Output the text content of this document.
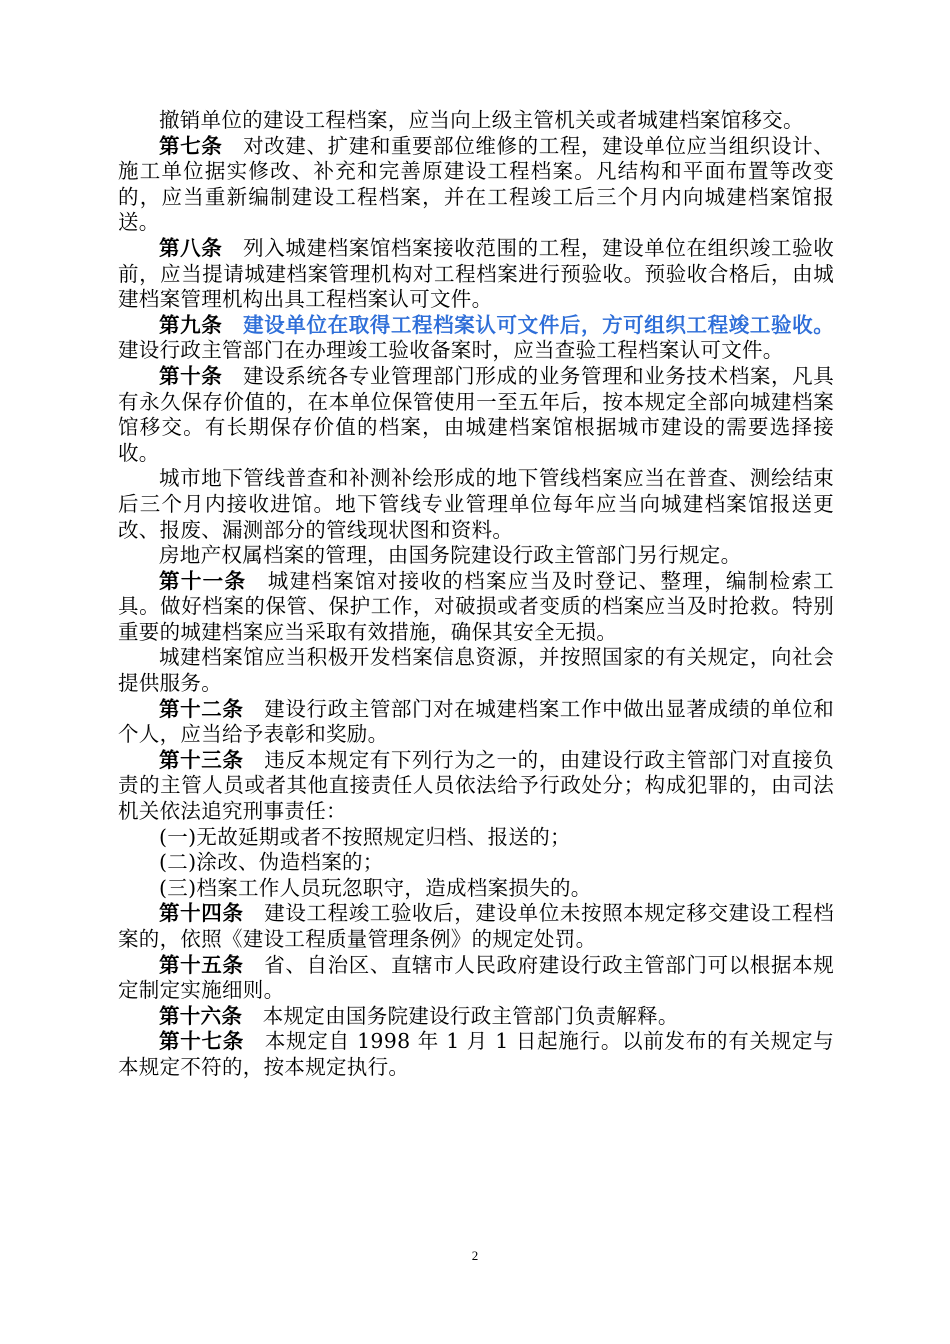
撤销单位的建设工程档案，应当向上级主管机关或者城建档案馆移交。

第七条 对改建、扩建和重要部位维修的工程，建设单位应当组织设计、施工单位据实修改、补充和完善原建设工程档案。凡结构和平面布置等改变的，应当重新编制建设工程档案，并在工程竣工后三个月内向城建档案馆报送。

第八条 列入城建档案馆档案接收范围的工程，建设单位在组织竣工验收前，应当提请城建档案管理机构对工程档案进行预验收。预验收合格后，由城建档案管理机构出具工程档案认可文件。

第九条 建设单位在取得工程档案认可文件后，方可组织工程竣工验收。建设行政主管部门在办理竣工验收备案时，应当查验工程档案认可文件。

第十条 建设系统各专业管理部门形成的业务管理和业务技术档案，凡具有永久保存价值的，在本单位保管使用一至五年后，按本规定全部向城建档案馆移交。有长期保存价值的档案，由城建档案馆根据城市建设的需要选择接收。

城市地下管线普查和补测补绘形成的地下管线档案应当在普查、测绘结束后三个月内接收进馆。地下管线专业管理单位每年应当向城建档案馆报送更改、报废、漏测部分的管线现状图和资料。

房地产权属档案的管理，由国务院建设行政主管部门另行规定。

第十一条 城建档案馆对接收的档案应当及时登记、整理，编制检索工具。做好档案的保管、保护工作，对破损或者变质的档案应当及时抢救。特别重要的城建档案应当采取有效措施，确保其安全无损。

城建档案馆应当积极开发档案信息资源，并按照国家的有关规定，向社会提供服务。

第十二条 建设行政主管部门对在城建档案工作中做出显著成绩的单位和个人，应当给予表彰和奖励。

第十三条 违反本规定有下列行为之一的，由建设行政主管部门对直接负责的主管人员或者其他直接责任人员依法给予行政处分；构成犯罪的，由司法机关依法追究刑事责任：

(一)无故延期或者不按照规定归档、报送的；

(二)涂改、伪造档案的；

(三)档案工作人员玩忽职守，造成档案损失的。

第十四条 建设工程竣工验收后，建设单位未按照本规定移交建设工程档案的，依照《建设工程质量管理条例》的规定处罚。

第十五条 省、自治区、直辖市人民政府建设行政主管部门可以根据本规定制定实施细则。

第十六条 本规定由国务院建设行政主管部门负责解释。

第十七条 本规定自 1998 年 1 月 1 日起施行。以前发布的有关规定与本规定不符的，按本规定执行。

2
